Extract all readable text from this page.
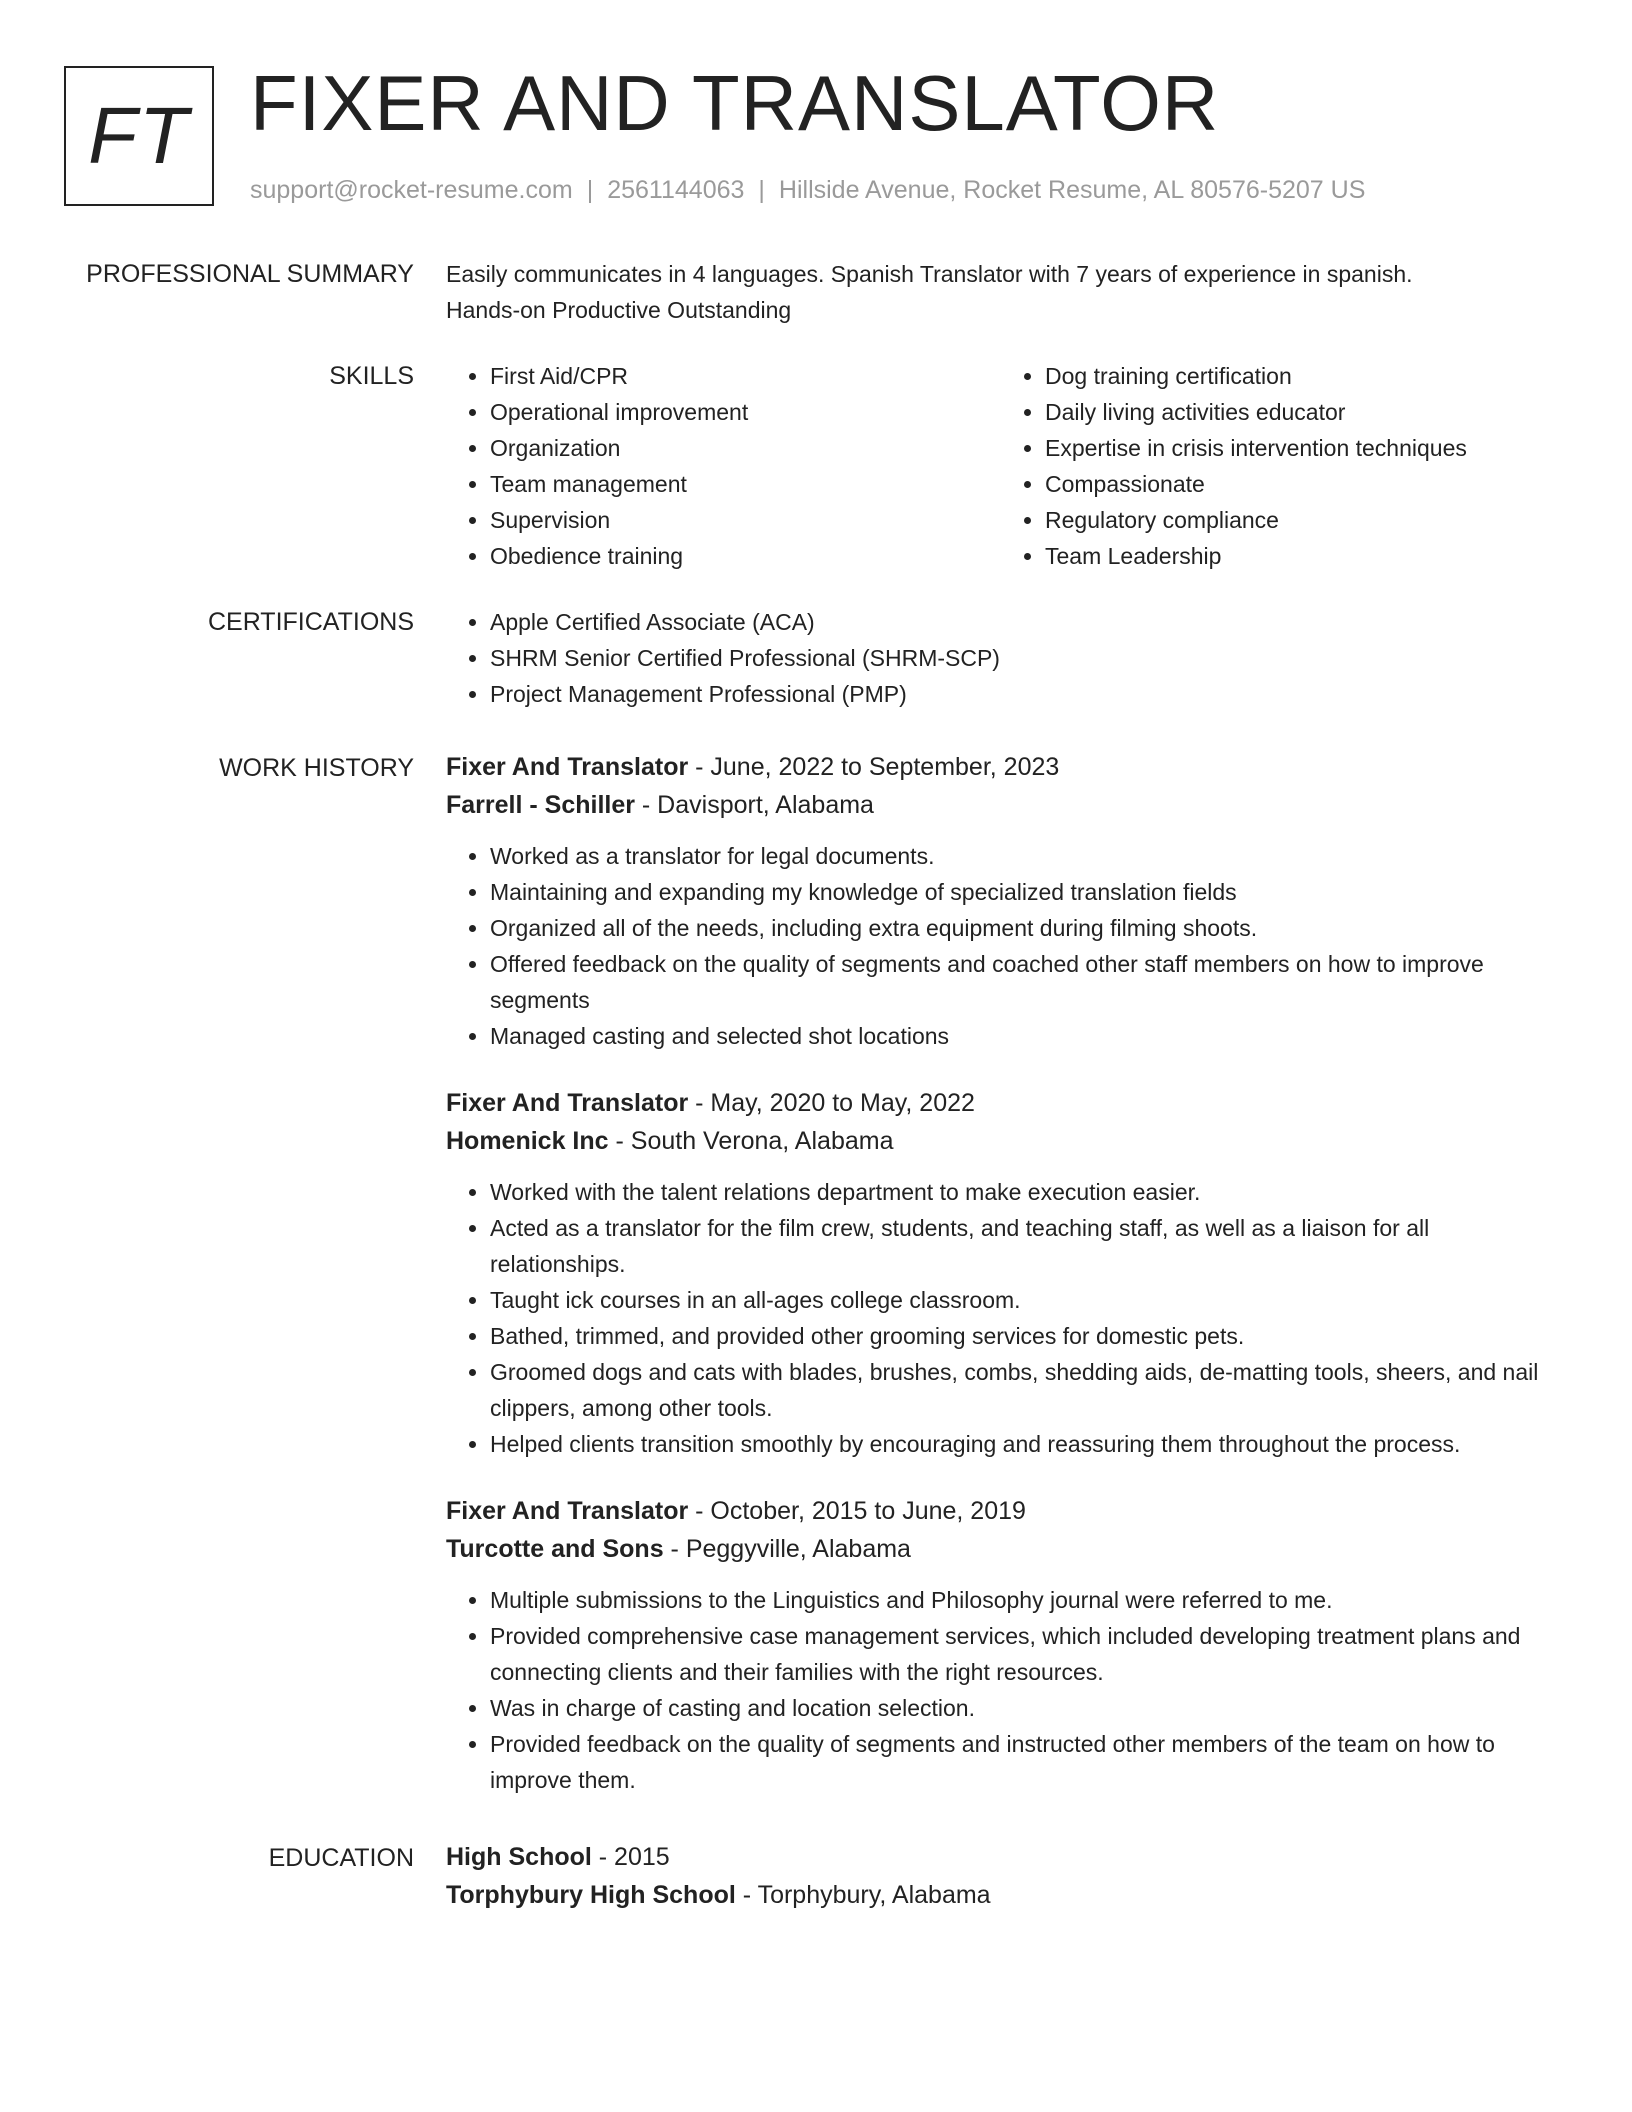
FT FIXER AND TRANSLATOR
support@rocket-resume.com | 2561144063 | Hillside Avenue, Rocket Resume, AL 80576-5207 US
PROFESSIONAL SUMMARY Easily communicates in 4 languages. Spanish Translator with 7 years of experience in spanish.
Hands-on Productive Outstanding
SKILLS	• First Aid/CPR
• Operational improvement
• Organization
• Team management
• Supervision
• Obedience training
• Dog training certification
• Daily living activities educator
• Expertise in crisis intervention techniques
• Compassionate
• Regulatory compliance
• Team Leadership
CERTIFICATIONS	• Apple Certified Associate (ACA)
• SHRM Senior Certified Professional (SHRM-SCP)
• Project Management Professional (PMP)
WORK HISTORY Fixer And Translator - June, 2022 to September, 2023
Farrell - Schiller - Davisport, Alabama
• Worked as a translator for legal documents.
• Maintaining and expanding my knowledge of specialized translation fields
• Organized all of the needs, including extra equipment during filming shoots.
• Offered feedback on the quality of segments and coached other staff members on how to improve segments
• Managed casting and selected shot locations
Fixer And Translator - May, 2020 to May, 2022
Homenick Inc - South Verona, Alabama
• Worked with the talent relations department to make execution easier.
• Acted as a translator for the film crew, students, and teaching staff, as well as a liaison for all relationships.
• Taught ick courses in an all-ages college classroom.
• Bathed, trimmed, and provided other grooming services for domestic pets.
• Groomed dogs and cats with blades, brushes, combs, shedding aids, de-matting tools, sheers, and nail clippers, among other tools.
• Helped clients transition smoothly by encouraging and reassuring them throughout the process.
Fixer And Translator - October, 2015 to June, 2019
Turcotte and Sons - Peggyville, Alabama
• Multiple submissions to the Linguistics and Philosophy journal were referred to me.
• Provided comprehensive case management services, which included developing treatment plans and connecting clients and their families with the right resources.
• Was in charge of casting and location selection.
• Provided feedback on the quality of segments and instructed other members of the team on how to improve them.
EDUCATION High School - 2015
Torphybury High School - Torphybury, Alabama
